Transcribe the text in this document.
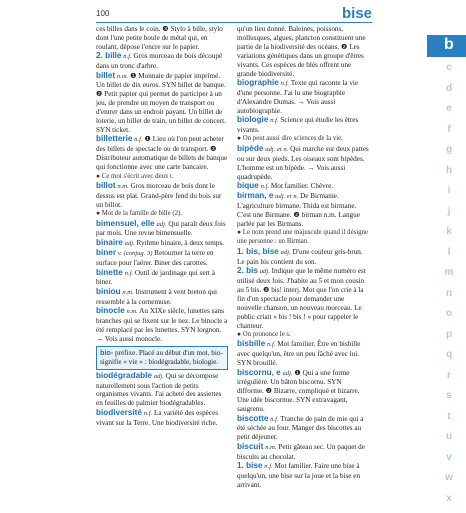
100	bise

ces billes dans le coin. ❸ Stylo à bille, stylo dont l'une petite boule de métal qui, en roulant, dépose l'encre sur le papier.

2. bille n.f. Gros morceau de bois découpé dans un tronc d'arbre.

billet n.m. ❶ Monnaie de papier imprimé. Un billet de dix euros. SYN billet de banque. ❷ Petit papier qui permet de participer à un jeu, de prendre un moyen de transport ou d'entrer dans un endroit payant. Un billet de loterie, un billet de train, un billet de concert. SYN ticket.

billetterie n.f. ❶ Lieu où l'on peut acheter des billets de spectacle ou de transport. ❷ Distributeur automatique de billets de banque qui fonctionne avec une carte bancaire.

● Ce mot s'écrit avec deux t.

billot n.m. Gros morceau de bois dont le dessus est plat. Grand-père fend du bois sur un billot.

● Mot de la famille de bille (2).

bimensuel, elle adj. Qui paraît deux fois par mois. Une revue bimensuelle.

binaire adj. Rythme binaire, à deux temps.

biner v. (conjug. 3) Retourner la terre en surface pour l'aérer. Biner des carottes.

binette n.f. Outil de jardinage qui sert à biner.

biniou n.m. Instrument à vent breton qui ressemble à la cornemuse.

binocle n.m. Au XIXe siècle, lunettes sans branches qui se fixent sur le nez. Le binocle a été remplacé par les lunettes. SYN lorgnon. → Vois aussi monocle.

bio- préfixe. Placé au début d'un mot, bio- signifie « vie » : biodégradable, biologie.

biodégradable adj. Qui se décompose naturellement sous l'action de petits organismes vivants. J'ai acheté des assiettes en feuilles de palmier biodégradables.

biodiversité n.f. La variété des espèces vivant sur la Terre. Une biodiversité riche.

qu'un lieu donné. Baleines, poissons, mollusques, algues, plancton constituent une partie de la biodiversité des océans. ❷ Les variations génétiques dans un groupe d'êtres vivants. Ces espèces de blés offrent une grande biodiversité.

biographie n.f. Texte qui raconte la vie d'une personne. J'ai lu une biographie d'Alexandre Dumas. → Vois aussi autobiographie.

biologie n.f. Science qui étudie les êtres vivants.

● On peut aussi dire sciences de la vie.

bipède adj. et n. Qui marche sur deux pattes ou sur deux pieds. Les oiseaux sont bipèdes. L'homme est un bipède. → Vois aussi quadrupède.

bique n.f. Mot familier. Chèvre.

birman, e adj. et n. De Birmanie. L'agriculture birmane. Thida est birmane. C'est une Birmane. ❷ birman n.m. Langue parlée par les Birmans.

● Le nom prend une majuscule quand il désigne une personne : un Birman.

1. bis, bise adj. D'une couleur gris-brun. Le pain bis contient du son.

2. bis adj. Indique que le même numéro est utilisé deux fois. J'habite au 5 et mon cousin au 5 bis. ❷ bis! interj. Mot que l'on crie à la fin d'un spectacle pour demander une nouvelle chanson, un nouveau morceau. Le public criait « bis ! bis ! » pour rappeler le chanteur.

● On prononce le s.

bisbille n.f. Mot familier. Être en bisbille avec quelqu'un, être un peu fâché avec lui. SYN brouillé.

biscornu, e adj. ❶ Qui a une forme irrégulière. Un bâton biscornu. SYN difforme. ❷ Bizarre, compliqué et bizarre. Une idée biscornue. SYN extravagant, saugrenu.

biscotte n.f. Tranche de pain de mie qui a été séchée au four. Manger des biscottes au petit déjeuner.

biscuit n.m. Petit gâteau sec. Un paquet de biscuits au chocolat.

1. bise n.f. Mot familier. Faire une bise à quelqu'un, une bise sur la joue et la bise en arrivant.

b
c
d
e
f
g
h
i
j
k
l
m
n
o
p
q
r
s
t
u
v
w
x
